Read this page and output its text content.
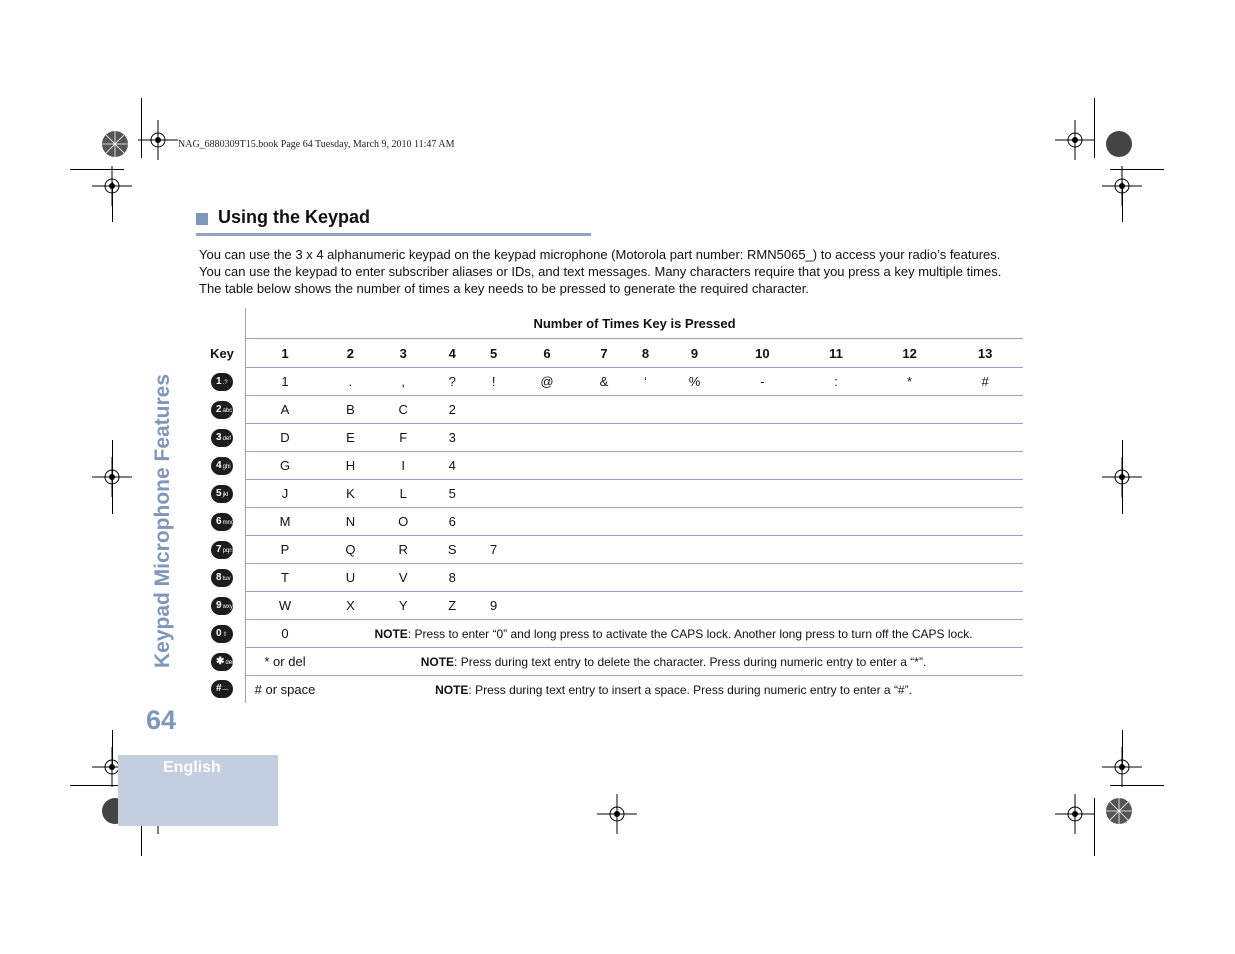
NAG_6880309T15.book Page 64 Tuesday, March 9, 2010 11:47 AM
Using the Keypad

You can use the 3 x 4 alphanumeric keypad on the keypad microphone (Motorola part number: RMN5065_) to access your radio’s features. You can use the keypad to enter subscriber aliases or IDs, and text messages. Many characters require that you press a key multiple times. The table below shows the number of times a key needs to be pressed to generate the required character.

	Number of Times Key is Pressed													
Key	1	2	3	4	5	6	7	8	9	10	11	12	13	
1.?	1	.	,	?	!	@	&	‘	%	-	:	*	#	
2abc	A	B	C	2										
3def	D	E	F	3										
4ghi	G	H	I	4										
5jkl	J	K	L	5										
6mno	M	N	O	6										
7pqrs	P	Q	R	S	7									
8tuv	T	U	V	8										
9wxyz	W	X	Y	Z	9									
0⇧	0	NOTE: Press to enter “0” and long press to activate the CAPS lock. Another long press to turn off the CAPS lock.												
✱del	* or del	NOTE: Press during text entry to delete the character. Press during numeric entry to enter a “*”.												
#—	# or space	NOTE: Press during text entry to insert a space. Press during numeric entry to enter a “#”.												
Keypad Microphone Features
64
English
